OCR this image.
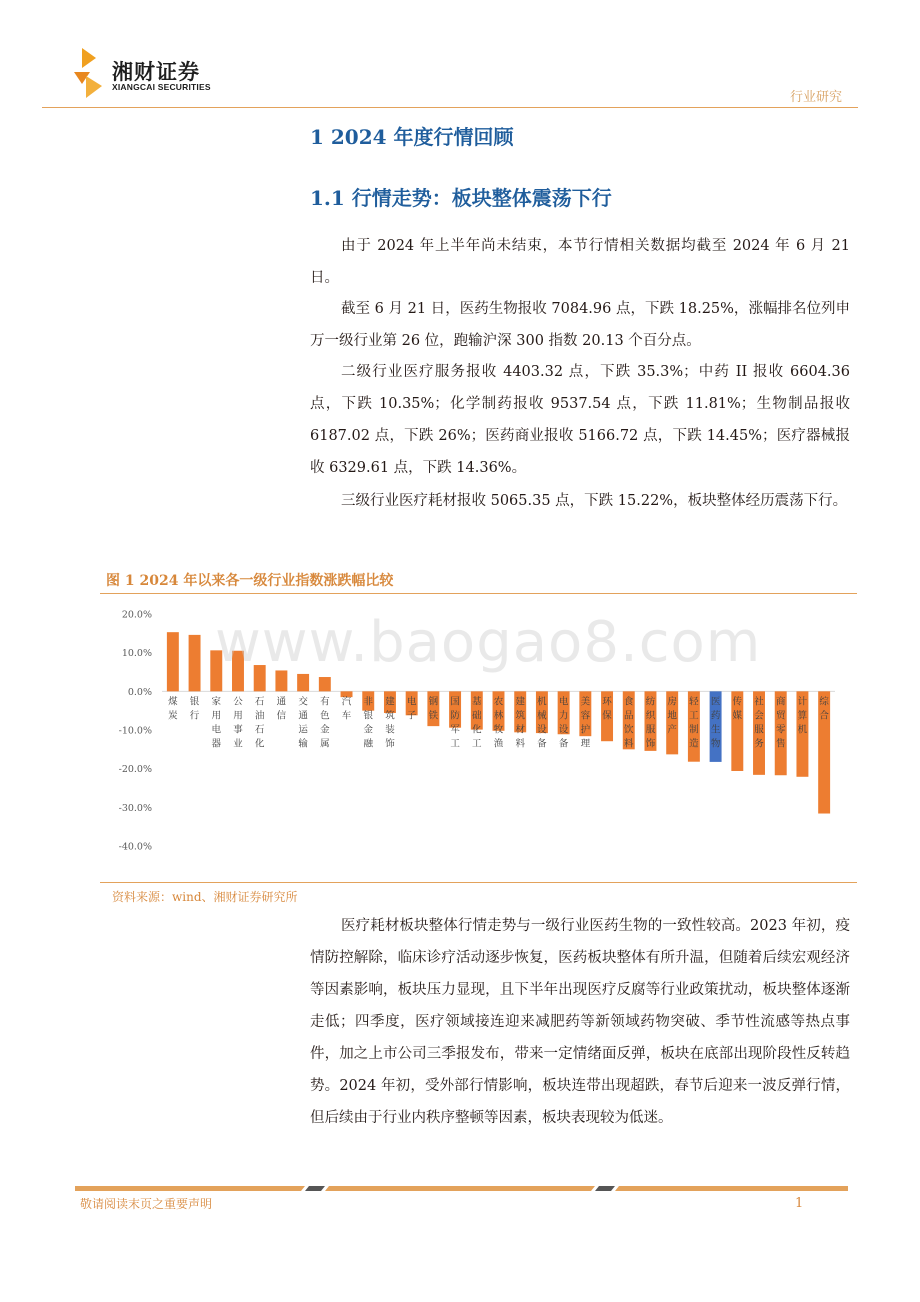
湘财证券
XIANGCAI SECURITIES
行业研究
1 2024 年度行情回顾
1.1 行情走势：板块整体震荡下行
由于 2024 年上半年尚未结束，本节行情相关数据均截至 2024 年 6 月 21 日。
截至 6 月 21 日，医药生物报收 7084.96 点，下跌 18.25%，涨幅排名位列申万一级行业第 26 位，跑输沪深 300 指数 20.13 个百分点。
二级行业医疗服务报收 4403.32 点，下跌 35.3%；中药 II 报收 6604.36 点，下跌 10.35%；化学制药报收 9537.54 点，下跌 11.81%；生物制品报收 6187.02 点，下跌 26%；医药商业报收 5166.72 点，下跌 14.45%；医疗器械报收 6329.61 点，下跌 14.36%。
三级行业医疗耗材报收 5065.35 点，下跌 15.22%，板块整体经历震荡下行。
图 1 2024 年以来各一级行业指数涨跌幅比较
20.0%
10.0%
0.0%
-10.0%
-20.0%
-30.0%
-40.0%
煤炭
银行
家用电器
公用事业
石油石化
通信
交通运输
有色金属
汽车
非银金融
建筑装饰
电子
钢铁
国防军工
基础化工
农林牧渔
建筑材料
机械设备
电力设备
美容护理
环保
食品饮料
纺织服饰
房地产
轻工制造
医药生物
传媒
社会服务
商贸零售
计算机
综合
www.baogao8.com
资料来源：wind、湘财证券研究所
医疗耗材板块整体行情走势与一级行业医药生物的一致性较高。2023 年初，疫情防控解除，临床诊疗活动逐步恢复，医药板块整体有所升温，但随着后续宏观经济等因素影响，板块压力显现，且下半年出现医疗反腐等行业政策扰动，板块整体逐渐走低；四季度，医疗领域接连迎来减肥药等新领域药物突破、季节性流感等热点事件，加之上市公司三季报发布，带来一定情绪面反弹，板块在底部出现阶段性反转趋势。2024 年初，受外部行情影响，板块连带出现超跌，春节后迎来一波反弹行情，但后续由于行业内秩序整顿等因素，板块表现较为低迷。
敬请阅读末页之重要声明	1
